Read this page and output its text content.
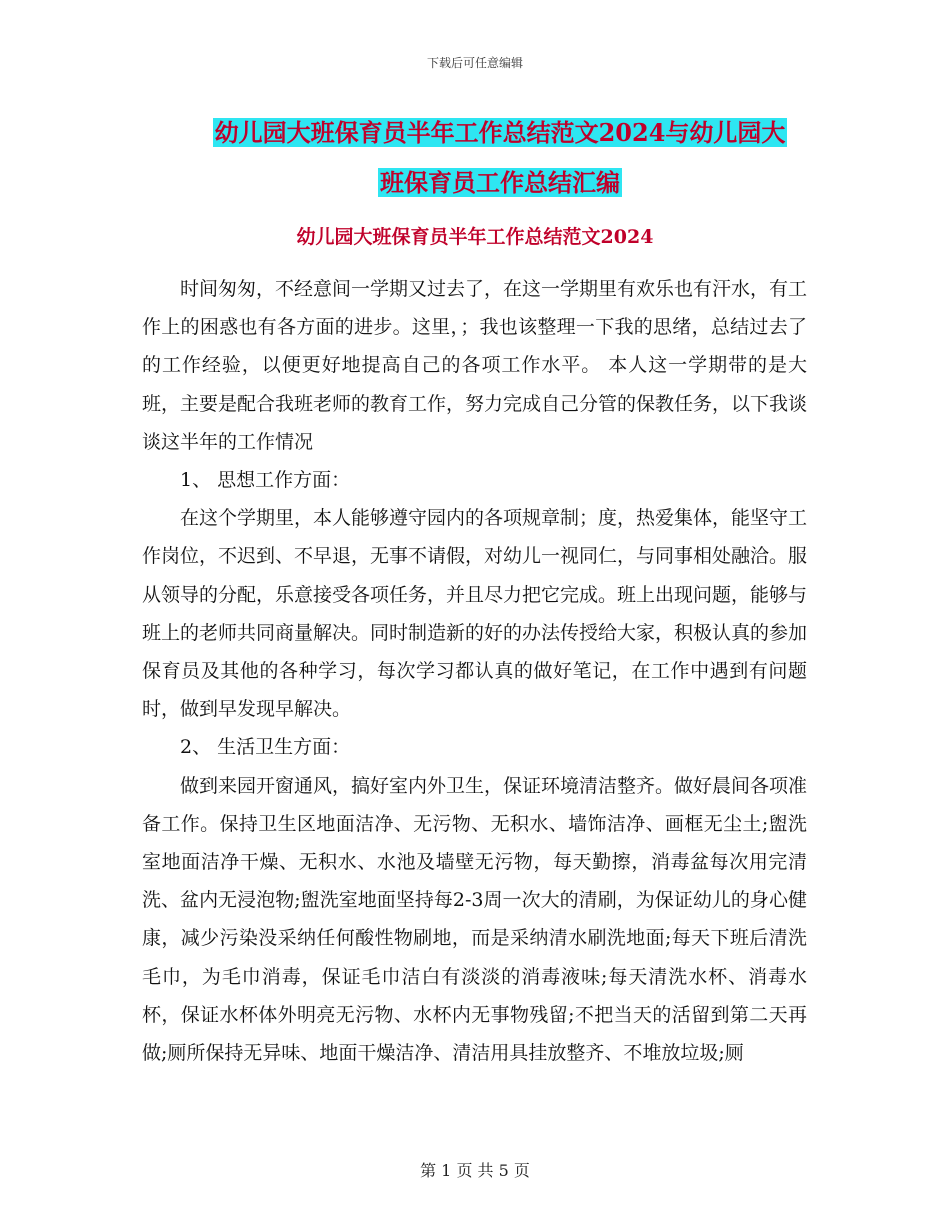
下载后可任意编辑
幼儿园大班保育员半年工作总结范文2024与幼儿园大
班保育员工作总结汇编
幼儿园大班保育员半年工作总结范文2024

时间匆匆，不经意间一学期又过去了，在这一学期里有欢乐也有汗水，有工作上的困惑也有各方面的进步。这里，；我也该整理一下我的思绪，总结过去了的工作经验，以便更好地提高自己的各项工作水平。 本人这一学期带的是大班，主要是配合我班老师的教育工作，努力完成自己分管的保教任务，以下我谈谈这半年的工作情况

1、 思想工作方面：

在这个学期里，本人能够遵守园内的各项规章制；度，热爱集体，能坚守工作岗位，不迟到、不早退，无事不请假，对幼儿一视同仁，与同事相处融洽。服从领导的分配，乐意接受各项任务，并且尽力把它完成。班上出现问题，能够与班上的老师共同商量解决。同时制造新的好的办法传授给大家，积极认真的参加保育员及其他的各种学习，每次学习都认真的做好笔记，在工作中遇到有问题时，做到早发现早解决。

2、 生活卫生方面：

做到来园开窗通风，搞好室内外卫生，保证环境清洁整齐。做好晨间各项准备工作。保持卫生区地面洁净、无污物、无积水、墙饰洁净、画框无尘土;盥洗室地面洁净干燥、无积水、水池及墙壁无污物，每天勤擦，消毒盆每次用完清洗、盆内无浸泡物;盥洗室地面坚持每2-3周一次大的清刷，为保证幼儿的身心健康，减少污染没采纳任何酸性物刷地，而是采纳清水刷洗地面;每天下班后清洗毛巾，为毛巾消毒，保证毛巾洁白有淡淡的消毒液味;每天清洗水杯、消毒水杯，保证水杯体外明亮无污物、水杯内无事物残留;不把当天的活留到第二天再做;厕所保持无异味、地面干燥洁净、清洁用具挂放整齐、不堆放垃圾;厕

第 1 页 共 5 页
